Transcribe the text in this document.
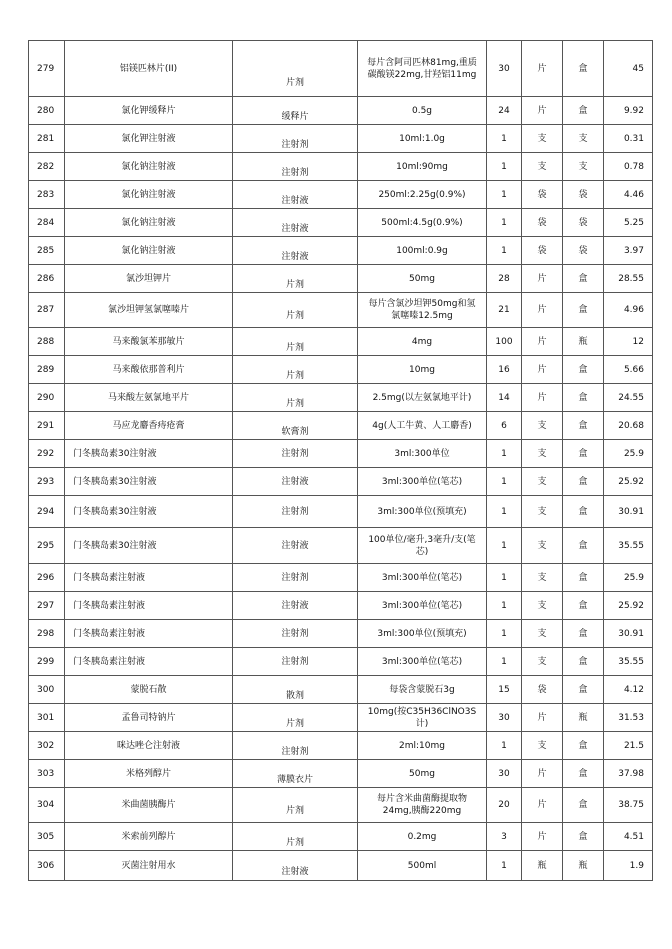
279	铝镁匹林片(II)	片剂	每片含阿司匹林81mg,重质碳酸镁22mg,甘羟铝11mg	30	片	盒	45
280	氯化钾缓释片	缓释片	0.5g	24	片	盒	9.92
281	氯化钾注射液	注射剂	10ml:1.0g	1	支	支	0.31
282	氯化钠注射液	注射剂	10ml:90mg	1	支	支	0.78
283	氯化钠注射液	注射液	250ml:2.25g(0.9%)	1	袋	袋	4.46
284	氯化钠注射液	注射液	500ml:4.5g(0.9%)	1	袋	袋	5.25
285	氯化钠注射液	注射液	100ml:0.9g	1	袋	袋	3.97
286	氯沙坦钾片	片剂	50mg	28	片	盒	28.55
287	氯沙坦钾氢氯噻嗪片	片剂	每片含氯沙坦钾50mg和氢氯噻嗪12.5mg	21	片	盒	4.96
288	马来酸氯苯那敏片	片剂	4mg	100	片	瓶	12
289	马来酸依那普利片	片剂	10mg	16	片	盒	5.66
290	马来酸左氨氯地平片	片剂	2.5mg(以左氨氯地平计)	14	片	盒	24.55
291	马应龙麝香痔疮膏	软膏剂	4g(人工牛黄、人工麝香)	6	支	盒	20.68
292	门冬胰岛素30注射液	注射剂	3ml:300单位	1	支	盒	25.9
293	门冬胰岛素30注射液	注射液	3ml:300单位(笔芯)	1	支	盒	25.92
294	门冬胰岛素30注射液	注射剂	3ml:300单位(预填充)	1	支	盒	30.91
295	门冬胰岛素30注射液	注射液	100单位/毫升,3毫升/支(笔芯)	1	支	盒	35.55
296	门冬胰岛素注射液	注射剂	3ml:300单位(笔芯)	1	支	盒	25.9
297	门冬胰岛素注射液	注射液	3ml:300单位(笔芯)	1	支	盒	25.92
298	门冬胰岛素注射液	注射剂	3ml:300单位(预填充)	1	支	盒	30.91
299	门冬胰岛素注射液	注射剂	3ml:300单位(笔芯)	1	支	盒	35.55
300	蒙脱石散	散剂	每袋含蒙脱石3g	15	袋	盒	4.12
301	孟鲁司特钠片	片剂	10mg(按C35H36ClNO3S计)	30	片	瓶	31.53
302	咪达唑仑注射液	注射剂	2ml:10mg	1	支	盒	21.5
303	米格列醇片	薄膜衣片	50mg	30	片	盒	37.98
304	米曲菌胰酶片	片剂	每片含米曲菌酶提取物24mg,胰酶220mg	20	片	盒	38.75
305	米索前列醇片	片剂	0.2mg	3	片	盒	4.51
306	灭菌注射用水	注射液	500ml	1	瓶	瓶	1.9
